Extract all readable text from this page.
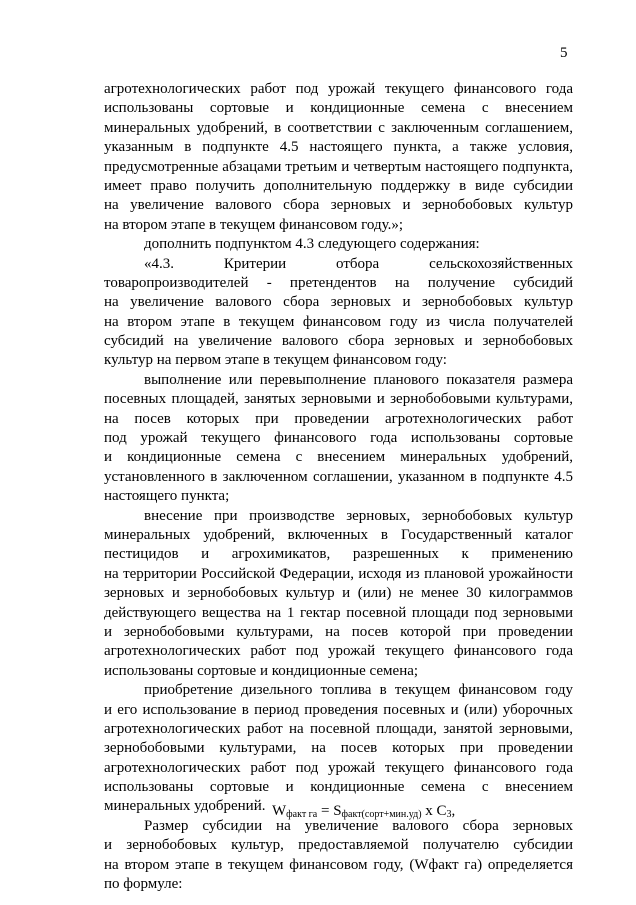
5
агротехнологических работ под урожай текущего финансового года
использованы сортовые и кондиционные семена с внесением
минеральных удобрений, в соответствии с заключенным соглашением,
указанным в подпункте 4.5 настоящего пункта, а также условия,
предусмотренные абзацами третьим и четвертым настоящего подпункта,
имеет право получить дополнительную поддержку в виде субсидии
на увеличение валового сбора зерновых и зернобобовых культур
на втором этапе в текущем финансовом году.»;
дополнить подпунктом 4.3 следующего содержания:
«4.3. Критерии отбора сельскохозяйственных
товаропроизводителей - претендентов на получение субсидий
на увеличение валового сбора зерновых и зернобобовых культур
на втором этапе в текущем финансовом году из числа получателей
субсидий на увеличение валового сбора зерновых и зернобобовых
культур на первом этапе в текущем финансовом году:
выполнение или перевыполнение планового показателя размера
посевных площадей, занятых зерновыми и зернобобовыми культурами,
на посев которых при проведении агротехнологических работ
под урожай текущего финансового года использованы сортовые
и кондиционные семена с внесением минеральных удобрений,
установленного в заключенном соглашении, указанном в подпункте 4.5
настоящего пункта;
внесение при производстве зерновых, зернобобовых культур
минеральных удобрений, включенных в Государственный каталог
пестицидов и агрохимикатов, разрешенных к применению
на территории Российской Федерации, исходя из плановой урожайности
зерновых и зернобобовых культур и (или) не менее 30 килограммов
действующего вещества на 1 гектар посевной площади под зерновыми
и зернобобовыми культурами, на посев которой при проведении
агротехнологических работ под урожай текущего финансового года
использованы сортовые и кондиционные семена;
приобретение дизельного топлива в текущем финансовом году
и его использование в период проведения посевных и (или) уборочных
агротехнологических работ на посевной площади, занятой зерновыми,
зернобобовыми культурами, на посев которых при проведении
агротехнологических работ под урожай текущего финансового года
использованы сортовые и кондиционные семена с внесением
минеральных удобрений.
Размер субсидии на увеличение валового сбора зерновых
и зернобобовых культур, предоставляемой получателю субсидии
на втором этапе в текущем финансовом году, (Wфакт га) определяется
по формуле:
$W_{факт га} = S_{факт(сорт+мин.уд)}$ х $С_3$,
